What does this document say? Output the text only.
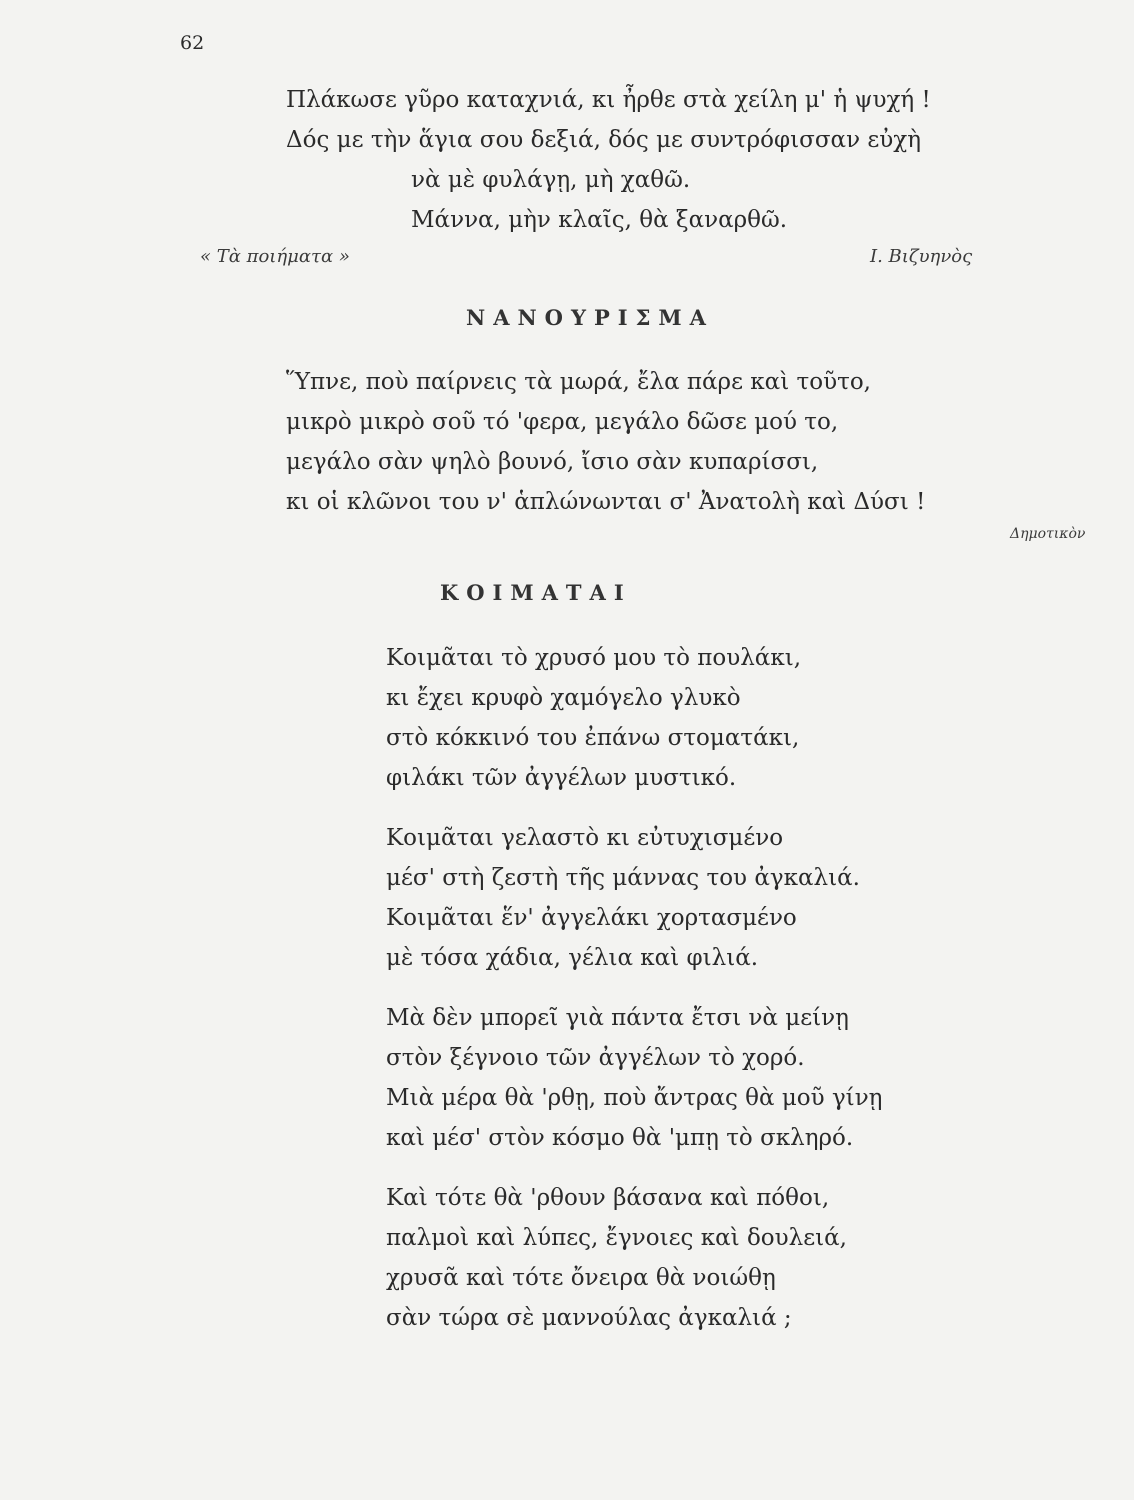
62
Πλάκωσε γῦρο καταχνιά, κι ἦρθε στὰ χείλη μ' ἡ ψυχή !
Δός με τὴν ἅγια σου δεξιά, δός με συντρόφισσαν εὐχὴ
νὰ μὲ φυλάγῃ, μὴ χαθῶ.
Μάννα, μὴν κλαῖς, θὰ ξαναρθῶ.
« Τὰ ποιήματα »	Ι. Βιζυηνὸς
ΝΑΝΟΥΡΙΣΜΑ
Ὕπνε, ποὺ παίρνεις τὰ μωρά, ἔλα πάρε καὶ τοῦτο,
μικρὸ μικρὸ σοῦ τό 'φερα, μεγάλο δῶσε μού το,
μεγάλο σὰν ψηλὸ βουνό, ἴσιο σὰν κυπαρίσσι,
κι οἱ κλῶνοι του ν' ἁπλώνωνται σ' Ἀνατολὴ καὶ Δύσι !
Δημοτικὸν
ΚΟΙΜΑΤΑΙ
Κοιμᾶται τὸ χρυσό μου τὸ πουλάκι,
κι ἔχει κρυφὸ χαμόγελο γλυκὸ
στὸ κόκκινό του ἐπάνω στοματάκι,
φιλάκι τῶν ἀγγέλων μυστικό.
Κοιμᾶται γελαστὸ κι εὐτυχισμένο
μέσ' στὴ ζεστὴ τῆς μάννας του ἀγκαλιά.
Κοιμᾶται ἕν' ἀγγελάκι χορτασμένο
μὲ τόσα χάδια, γέλια καὶ φιλιά.
Μὰ δὲν μπορεῖ γιὰ πάντα ἔτσι νὰ μείνῃ
στὸν ξέγνοιο τῶν ἀγγέλων τὸ χορό.
Μιὰ μέρα θὰ 'ρθῃ, ποὺ ἄντρας θὰ μοῦ γίνῃ
καὶ μέσ' στὸν κόσμο θὰ 'μπῃ τὸ σκληρό.
Καὶ τότε θὰ 'ρθουν βάσανα καὶ πόθοι,
παλμοὶ καὶ λύπες, ἔγνοιες καὶ δουλειά,
χρυσᾶ καὶ τότε ὄνειρα θὰ νοιώθῃ
σὰν τώρα σὲ μαννούλας ἀγκαλιά ;
